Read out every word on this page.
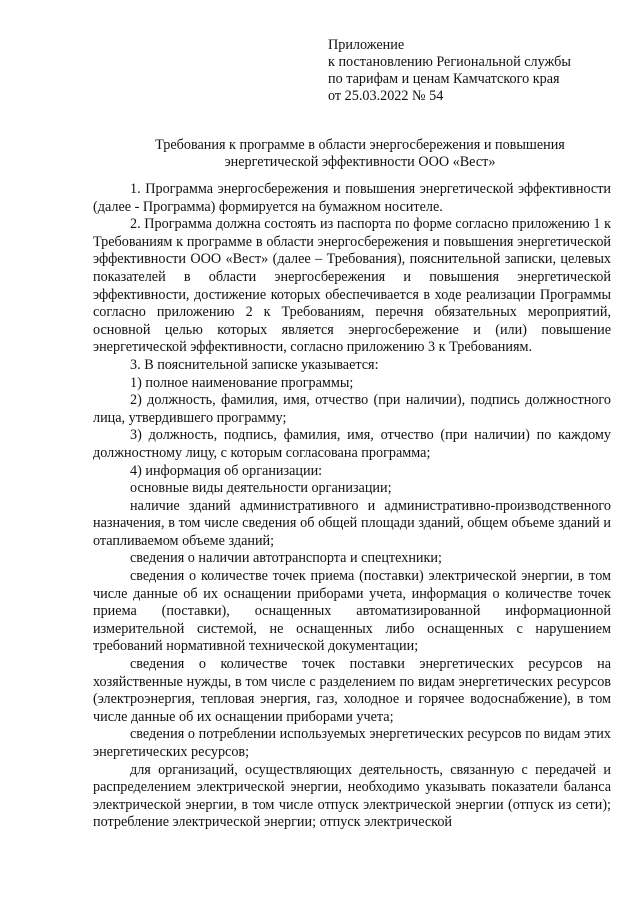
Приложение
к постановлению Региональной службы
по тарифам и ценам Камчатского края
от 25.03.2022 № 54
Требования к программе в области энергосбережения и повышения
энергетической эффективности ООО «Вест»

1. Программа энергосбережения и повышения энергетической эффективности (далее - Программа) формируется на бумажном носителе.

2. Программа должна состоять из паспорта по форме согласно приложению 1 к Требованиям к программе в области энергосбережения и повышения энергетической эффективности ООО «Вест» (далее – Требования), пояснительной записки, целевых показателей в области энергосбережения и повышения энергетической эффективности, достижение которых обеспечивается в ходе реализации Программы согласно приложению 2 к Требованиям, перечня обязательных мероприятий, основной целью которых является энергосбережение и (или) повышение энергетической эффективности, согласно приложению 3 к Требованиям.

3. В пояснительной записке указывается:

1) полное наименование программы;

2) должность, фамилия, имя, отчество (при наличии), подпись должностного лица, утвердившего программу;

3) должность, подпись, фамилия, имя, отчество (при наличии) по каждому должностному лицу, с которым согласована программа;

4) информация об организации:

основные виды деятельности организации;

наличие зданий административного и административно-производственного назначения, в том числе сведения об общей площади зданий, общем объеме зданий и отапливаемом объеме зданий;

сведения о наличии автотранспорта и спецтехники;

сведения о количестве точек приема (поставки) электрической энергии, в том числе данные об их оснащении приборами учета, информация о количестве точек приема (поставки), оснащенных автоматизированной информационной измерительной системой, не оснащенных либо оснащенных с нарушением требований нормативной технической документации;

сведения о количестве точек поставки энергетических ресурсов на хозяйственные нужды, в том числе с разделением по видам энергетических ресурсов (электроэнергия, тепловая энергия, газ, холодное и горячее водоснабжение), в том числе данные об их оснащении приборами учета;

сведения о потреблении используемых энергетических ресурсов по видам этих энергетических ресурсов;

для организаций, осуществляющих деятельность, связанную с передачей и распределением электрической энергии, необходимо указывать показатели баланса электрической энергии, в том числе отпуск электрической энергии (отпуск из сети); потребление электрической энергии; отпуск электрической
